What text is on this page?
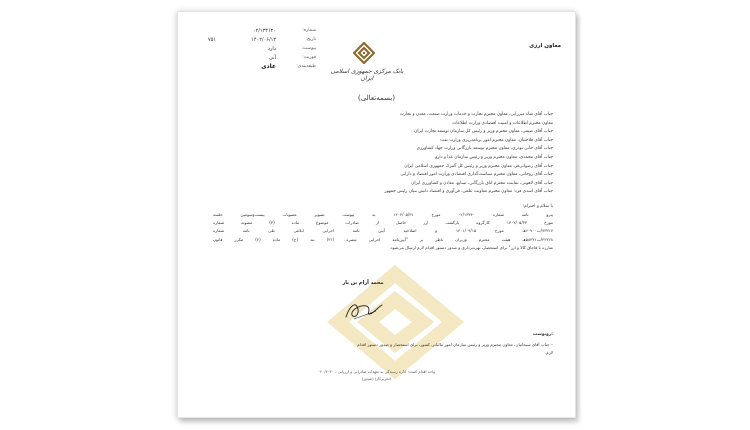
شماره:
۰۲/۱۳۳۱۲۰
تاریخ:
۱۴۰۲/۰۶/۱۳
۷۵۱
پیوست:
دارد
فوریت:
آنی
طبقه‌بندی:
عادی
بانک مرکزی جمهوری اسلامی ایران
معاون ارزی
(بسمه‌تعالی)
جناب آقای شاه میرزایی، معاون محترم تجارت و خدمات وزارت صنعت، معدن و تجارت
معاون محترم اطلاعات و امنیت اقتصادی وزارت اطلاعات
جناب آقای صیفی، معاون محترم وزیر و رئیس کل سازمان توسعه تجارت ایران
جناب آقای فلاحتیان، معاون محترم امور برنامه‌ریزی وزارت نفت
جناب آقای خانی نوذری، معاون محترم توسعه بازرگانی وزارت جهاد کشاورزی
جناب آقای محمدی، معاون محترم وزیر و رئیس سازمان غذا و دارو
جناب آقای رضوانی‌فر، معاون محترم وزیر و رئیس کل گمرک جمهوری اسلامی ایران
جناب آقای روحانی، معاون محترم سیاست‌گذاری اقتصادی وزارت امور اقتصاد و دارایی
جناب آقای لاهوتی، نماینده محترم اتاق بازرگانی، صنایع، معادن و کشاورزی ایران
جناب آقای اسدی فرد؛ معاون محترم معاونت علمی، فن‌آوری و اقتصاد دانش بنیان رئیس جمهور
با سلام و احترام؛
پیرو نامه شماره ۰۲/۱۳۳۴۰ مورخ ۱۴۰۲/۰۵/۳۱ به پیوست تصویر مصوبات بیست‌وسومین جلسه
مورخ ۱۴۰۲/۰۵/۳۳ کارگروه بازگشت ارز حاصل از صادرات موضوع ماده (۳) مصوبه شماره
۷۳۳۱۷/ت۶۰۷۰۰هـ مورخ ۱۴۰۱/۰۹/۱۵ و اصلاحیه آیین نامه اجرایی ابلاغی طی نامه شماره
۴۲۳۶۸/ت۵۸۳۲۱هـ هیئت محترم وزیران ناظر بر "آیین‌نامه اجرایی تبصره (۳۱) بند (ج) ماده (۲) مکرر قانون
مبارزه با قاچاق کالا و ارز" برای استحضار، بهره‌برداری و صدور دستور اقدام لازم ارسال می‌شود.
محمد آرام بن یار
رونوشت:
– جناب آقای سبحانیان، معاون محترم وزیر و رئیس سازمان امور مالیاتی کشور، برای استحضار و صدور دستور اقدام
لازم.
واحد اقدام کننده: اداره رسیدگی به تعهدات صادراتی و ارزیابی – ۰۲۰/۳۰۳۰
(صدور) (تحریرکار)
